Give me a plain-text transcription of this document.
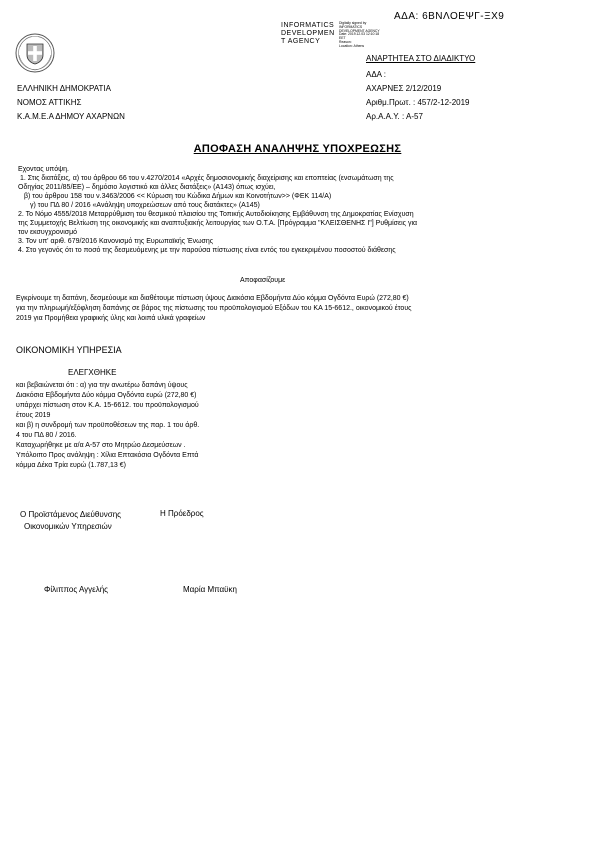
ΑΔΑ: 6ΒΝΛΟΕΨΓ-ΞΧ9
INFORMATICS
DEVELOPMEN
T AGENCY
Digitally signed by
INFORMATICS
DEVELOPMENT AGENCY
Date: 2019.12.03 12:10:18
EET
Reason:
Location: Athens
ΑΝΑΡΤΗΤΕΑ ΣΤΟ ΔΙΑΔΙΚΤΥΟ
ΑΔΑ :
ΑΧΑΡΝΕΣ 2/12/2019
Αριθμ.Πρωτ. : 457/2-12-2019
Αρ.Α.Α.Υ. : Α-57
ΕΛΛΗΝΙΚΗ ΔΗΜΟΚΡΑΤΙΑ
ΝΟΜΟΣ ΑΤΤΙΚΗΣ
Κ.Α.Μ.Ε.Α ΔΗΜΟΥ ΑΧΑΡΝΩΝ
ΑΠΟΦΑΣΗ ΑΝΑΛΗΨΗΣ ΥΠΟΧΡΕΩΣΗΣ
Εχοντας υπόψη.
1. Στις διατάξεις, α) του άρθρου 66 του ν.4270/2014 «Αρχές δημοσιονομικής διαχείρισης και εποπτείας (ενσωμάτωση της
Οδηγίας 2011/85/ΕΕ) – δημόσιο λογιστικό και άλλες διατάξεις» (Α143) όπως ισχύει,
β) του άρθρου 158 του ν.3463/2006 << Κύρωση του Κώδικα Δήμων και Κοινοτήτων>> (ΦΕΚ 114/Α)
γ) του ΠΔ 80 / 2016 «Ανάληψη υποχρεώσεων από τους διατάκτες» (Α145)
2. Το Νόμο 4555/2018 Μεταρρύθμιση του θεσμικού πλαισίου της Τοπικής Αυτοδιοίκησης Εμβάθυνση της Δημοκρατίας Ενίσχυση
της Συμμετοχής Βελτίωση της οικονομικής και αναπτυξιακής λειτουργίας των Ο.Τ.Α. [Πρόγραμμα "ΚΛΕΙΣΘΕΝΗΣ Ι"] Ρυθμίσεις για
τον εκσυγχρονισμό
3. Τον υπ' αριθ. 679/2016 Κανονισμό της Ευρωπαϊκής Ένωσης
4. Στο γεγονός ότι το ποσό της δεσμευόμενης με την παρούσα πίστωσης είναι εντός του εγκεκριμένου ποσοστού διάθεσης
Αποφασίζουμε
Εγκρίνουμε τη δαπάνη, δεσμεύουμε και διαθέτουμε πίστωση ύψους Διακόσια Εβδομήντα Δύο κόμμα Ογδόντα Ευρώ (272,80 €)
για την πληρωμή/εξόφληση δαπάνης σε βάρος της πίστωσης του προϋπολογισμού Εξόδων του ΚΑ 15-6612., οικονομικού έτους
2019 για Προμήθεια γραφικής ύλης και λοιπά υλικά γραφείων
ΟΙΚΟΝΟΜΙΚΗ ΥΠΗΡΕΣΙΑ
ΕΛΕΓΧΘΗΚΕ
και βεβαιώνεται ότι : α) για την ανωτέρω δαπάνη ύψους
Διακόσια Εβδομήντα Δύο κόμμα Ογδόντα ευρώ (272,80 €)
υπάρχει πίστωση στον Κ.Α. 15-6612. του προϋπολογισμού
έτους 2019
και β) η συνδρομή των προϋποθέσεων της παρ. 1 του άρθ.
4 του ΠΔ 80 / 2016.
Καταχωρήθηκε με α/α Α-57 στο Μητρώο Δεσμεύσεων .
Υπόλοιπο Προς ανάληψη : Χίλια Επτακόσια Ογδόντα Επτά
κόμμα Δέκα Τρία ευρώ (1.787,13 €)
Ο Προϊστάμενος Διεύθυνσης
Οικονομικών Υπηρεσιών
Η Πρόεδρος
Φίλιππος Αγγελής	Μαρία Μπαϋκη
